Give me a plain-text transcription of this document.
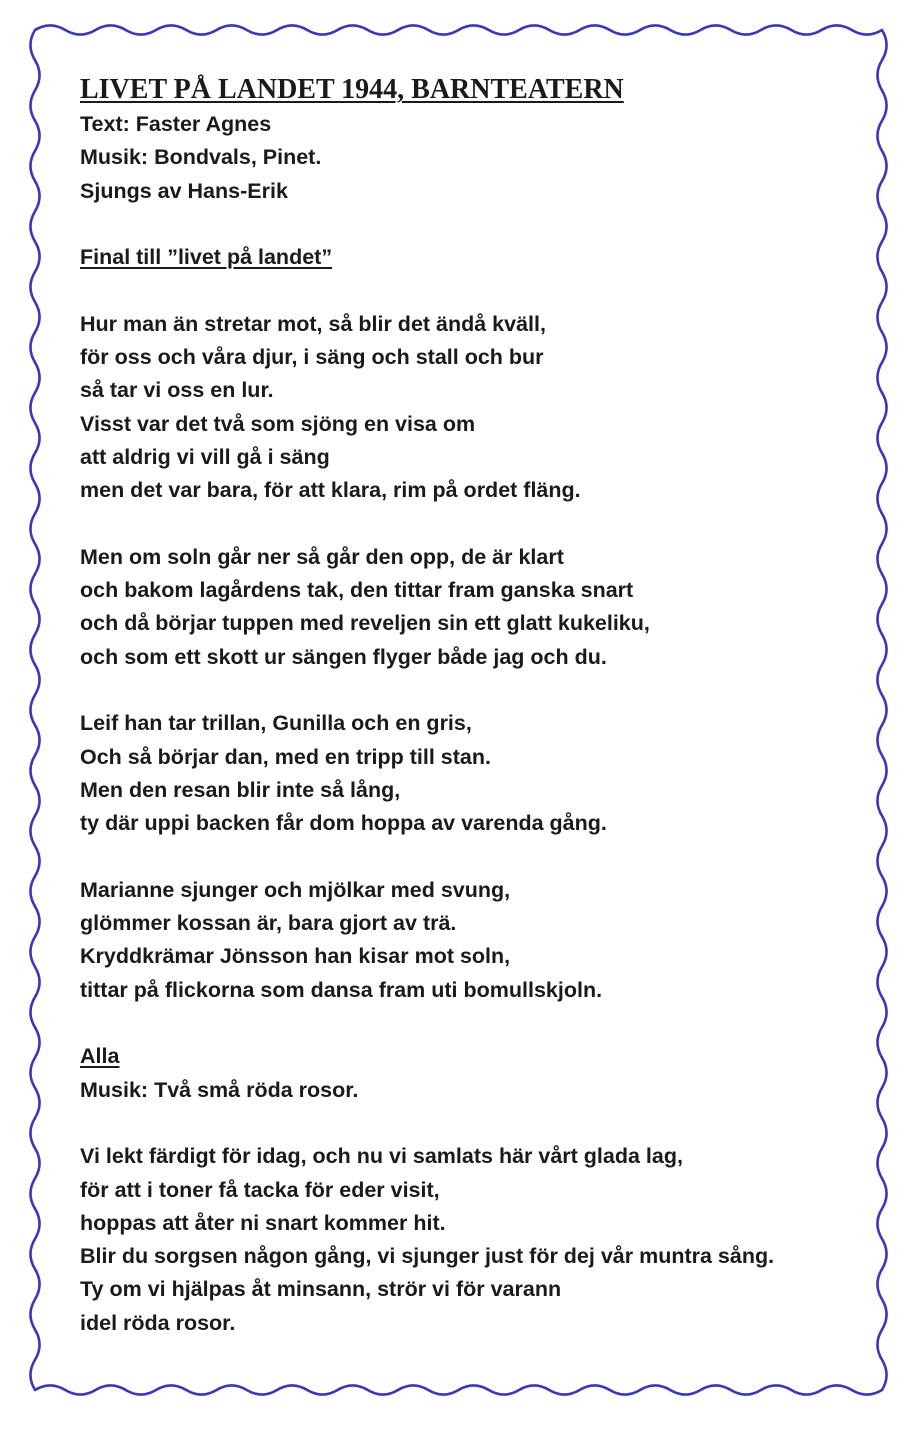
LIVET PÅ LANDET 1944, BARNTEATERN

Text: Faster Agnes

Musik: Bondvals, Pinet.

Sjungs av Hans-Erik

Final till ”livet på landet”

Hur man än stretar mot, så blir det ändå kväll,

för oss och våra djur, i säng och stall och bur

så tar vi oss en lur.

Visst var det två som sjöng en visa om

att aldrig vi vill gå i säng

men det var bara, för att klara, rim på ordet fläng.

Men om soln går ner så går den opp, de är klart

och bakom lagårdens tak, den tittar fram ganska snart

och då börjar tuppen med reveljen sin ett glatt kukeliku,

och som ett skott ur sängen flyger både jag och du.

Leif han tar trillan, Gunilla och en gris,

Och så börjar dan, med en tripp till stan.

Men den resan blir inte så lång,

ty där uppi backen får dom hoppa av varenda gång.

Marianne sjunger och mjölkar med svung,

glömmer kossan är, bara gjort av trä.

Kryddkrämar Jönsson han kisar mot soln,

tittar på flickorna som dansa fram uti bomullskjoln.

Alla

Musik: Två små röda rosor.

Vi lekt färdigt för idag, och nu vi samlats här vårt glada lag,

för att i toner få tacka för eder visit,

hoppas att åter ni snart kommer hit.

Blir du sorgsen någon gång, vi sjunger just för dej vår muntra sång.

Ty om vi hjälpas åt minsann, strör vi för varann

idel röda rosor.
